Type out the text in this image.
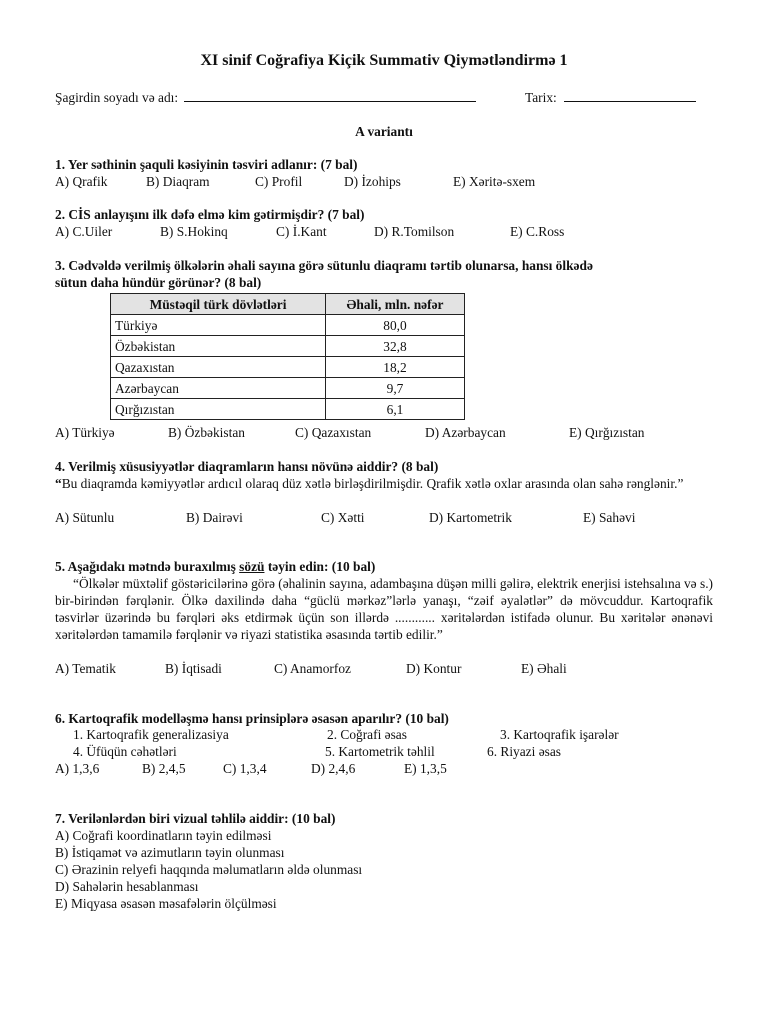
XI sinif Coğrafiya Kiçik Summativ Qiymətləndirmə 1
Şagirdin soyadı və adı:	Tarix:
A variantı
1. Yer səthinin şaquli kəsiyinin təsviri adlanır: (7 bal)
A) Qrafik	B) Diaqram	C) Profil	D) İzohips	E) Xəritə-sxem
2. CİS anlayışını ilk dəfə elmə kim gətirmişdir? (7 bal)
A) C.Uiler	B) S.Hokinq	C) İ.Kant	D) R.Tomilson	E) C.Ross
3. Cədvəldə verilmiş ölkələrin əhali sayına görə sütunlu diaqramı tərtib olunarsa, hansı ölkədə
sütun daha hündür görünər? (8 bal)
Müstəqil türk dövlətləri	Əhali, mln. nəfər
Türkiyə	80,0
Özbəkistan	32,8
Qazaxıstan	18,2
Azərbaycan	9,7
Qırğızıstan	6,1
A) Türkiyə	B) Özbəkistan	C) Qazaxıstan	D) Azərbaycan	E) Qırğızıstan
4. Verilmiş xüsusiyyətlər diaqramların hansı növünə aiddir? (8 bal)
“Bu diaqramda kəmiyyətlər ardıcıl olaraq düz xətlə birləşdirilmişdir. Qrafik xətlə oxlar arasında olan sahə rənglənir.”
A) Sütunlu	B) Dairəvi	C) Xətti	D) Kartometrik	E) Sahəvi
5. Aşağıdakı mətndə buraxılmış sözü təyin edin: (10 bal)
“Ölkələr müxtəlif göstəricilərinə görə (əhalinin sayına, adambaşına düşən milli gəlirə, elektrik enerjisi istehsalına və s.) bir-birindən fərqlənir. Ölkə daxilində daha “güclü mərkəz”lərlə yanaşı, “zəif əyalətlər” də mövcuddur. Kartoqrafik təsvirlər üzərində bu fərqləri əks etdirmək üçün son illərdə ............ xəritələrdən istifadə olunur. Bu xəritələr ənənəvi xəritələrdən tamamilə fərqlənir və riyazi statistika əsasında tərtib edilir.”
A) Tematik	B) İqtisadi	C) Anamorfoz	D) Kontur	E) Əhali
6. Kartoqrafik modelləşmə hansı prinsiplərə əsasən aparılır? (10 bal)
1. Kartoqrafik generalizasiya	2. Coğrafi əsas	3. Kartoqrafik işarələr
4. Üfüqün cəhətləri	5. Kartometrik təhlil	6. Riyazi əsas
A) 1,3,6	B) 2,4,5	C) 1,3,4	D) 2,4,6	E) 1,3,5
7. Verilənlərdən biri vizual təhlilə aiddir: (10 bal)
A) Coğrafi koordinatların təyin edilməsi
B) İstiqamət və azimutların təyin olunması
C) Ərazinin relyefi haqqında məlumatların əldə olunması
D) Sahələrin hesablanması
E) Miqyasa əsasən məsafələrin ölçülməsi
